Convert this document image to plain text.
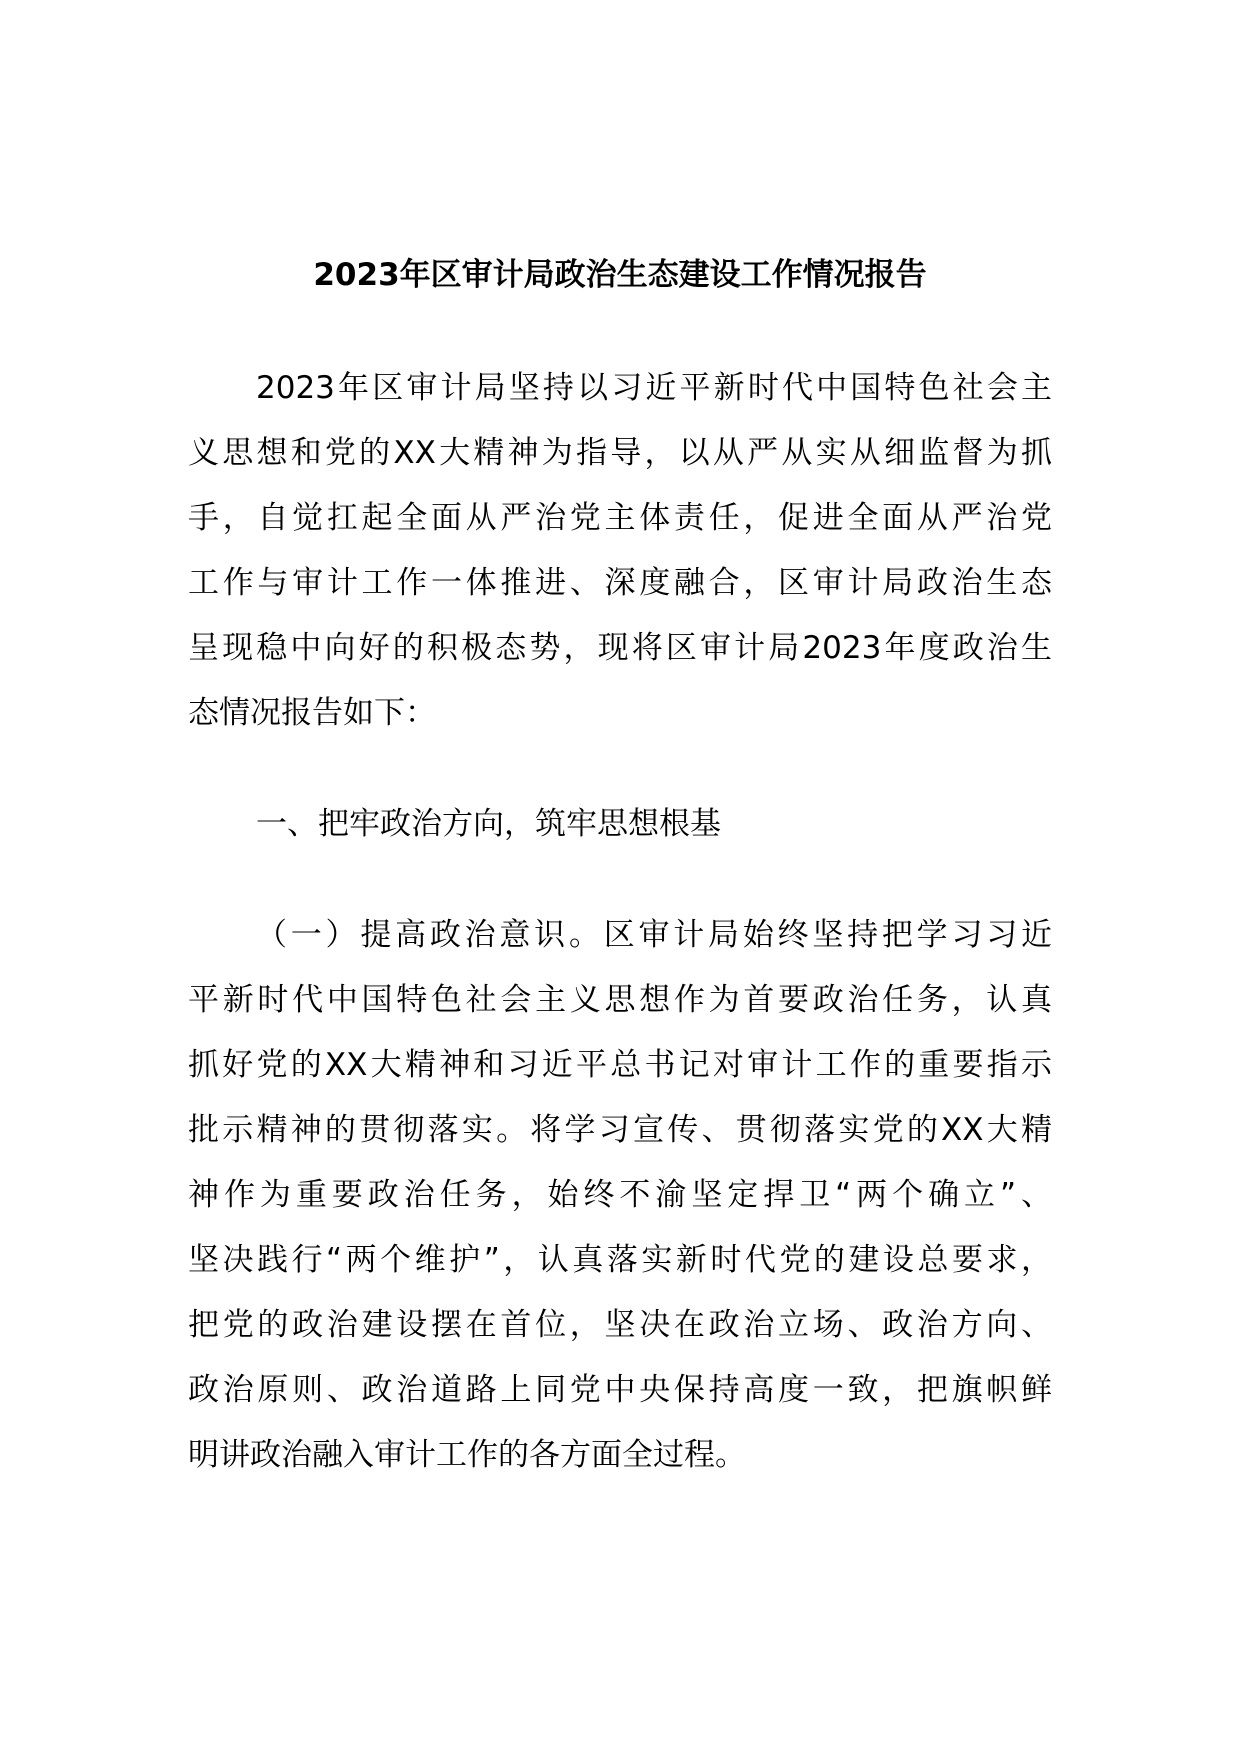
2023年区审计局政治生态建设工作情况报告
2023年区审计局坚持以习近平新时代中国特色社会主
义思想和党的XX大精神为指导，以从严从实从细监督为抓
手，自觉扛起全面从严治党主体责任，促进全面从严治党
工作与审计工作一体推进、深度融合，区审计局政治生态
呈现稳中向好的积极态势，现将区审计局2023年度政治生
态情况报告如下：
一、把牢政治方向，筑牢思想根基
（一）提高政治意识。区审计局始终坚持把学习习近
平新时代中国特色社会主义思想作为首要政治任务，认真
抓好党的XX大精神和习近平总书记对审计工作的重要指示
批示精神的贯彻落实。将学习宣传、贯彻落实党的XX大精
神作为重要政治任务，始终不渝坚定捍卫“两个确立”、
坚决践行“两个维护”，认真落实新时代党的建设总要求，
把党的政治建设摆在首位，坚决在政治立场、政治方向、
政治原则、政治道路上同党中央保持高度一致，把旗帜鲜
明讲政治融入审计工作的各方面全过程。
